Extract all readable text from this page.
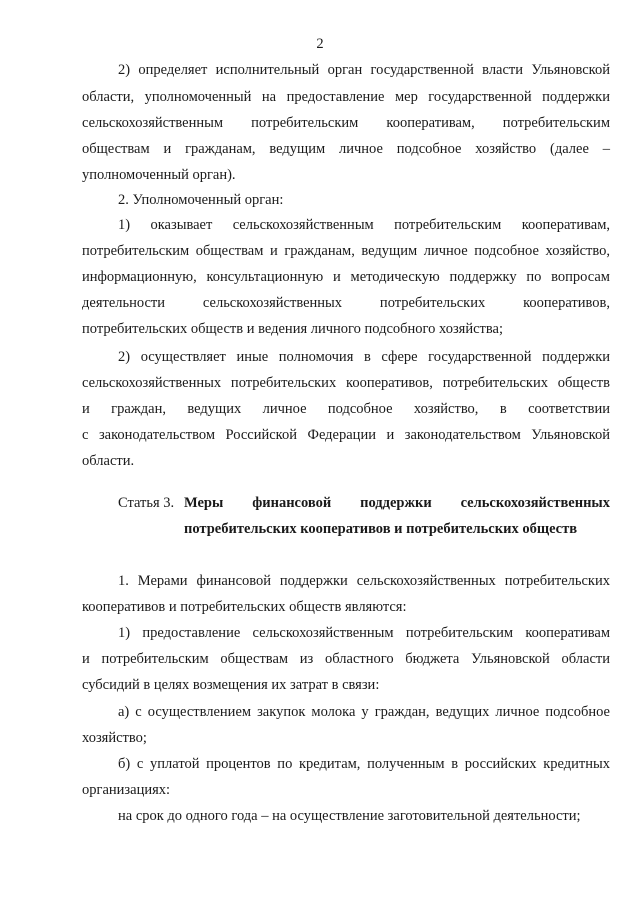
2
2) определяет исполнительный орган государственной власти Ульяновской
области, уполномоченный на предоставление мер государственной поддержки
сельскохозяйственным потребительским кооперативам, потребительским
обществам и гражданам, ведущим личное подсобное хозяйство (далее –
уполномоченный орган).
2. Уполномоченный орган:
1) оказывает сельскохозяйственным потребительским кооперативам,
потребительским обществам и гражданам, ведущим личное подсобное хозяйство,
информационную, консультационную и методическую поддержку по вопросам
деятельности сельскохозяйственных потребительских кооперативов,
потребительских обществ и ведения личного подсобного хозяйства;
2) осуществляет иные полномочия в сфере государственной поддержки
сельскохозяйственных потребительских кооперативов, потребительских обществ
и граждан, ведущих личное подсобное хозяйство, в соответствии
с законодательством Российской Федерации и законодательством Ульяновской
области.
Статья 3. Меры финансовой поддержки сельскохозяйственных
потребительских кооперативов и потребительских обществ
1. Мерами финансовой поддержки сельскохозяйственных потребительских
кооперативов и потребительских обществ являются:
1) предоставление сельскохозяйственным потребительским кооперативам
и потребительским обществам из областного бюджета Ульяновской области
субсидий в целях возмещения их затрат в связи:
а) с осуществлением закупок молока у граждан, ведущих личное подсобное
хозяйство;
б) с уплатой процентов по кредитам, полученным в российских кредитных
организациях:
на срок до одного года – на осуществление заготовительной деятельности;
